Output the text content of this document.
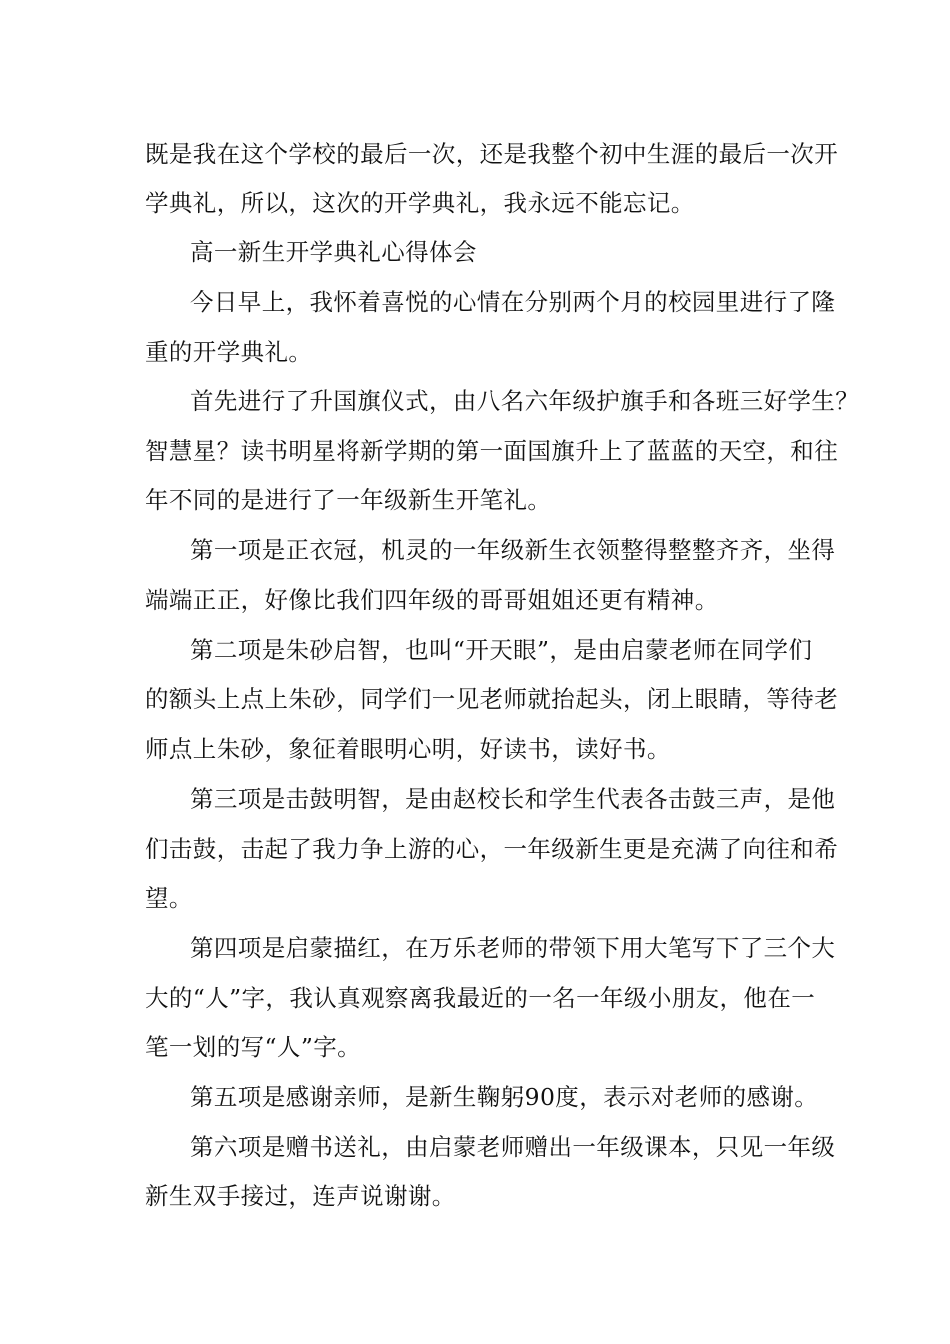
既是我在这个学校的最后一次，还是我整个初中生涯的最后一次开
学典礼，所以，这次的开学典礼，我永远不能忘记。
高一新生开学典礼心得体会
今日早上，我怀着喜悦的心情在分别两个月的校园里进行了隆
重的开学典礼。
首先进行了升国旗仪式，由八名六年级护旗手和各班三好学生？
智慧星？读书明星将新学期的第一面国旗升上了蓝蓝的天空，和往
年不同的是进行了一年级新生开笔礼。
第一项是正衣冠，机灵的一年级新生衣领整得整整齐齐，坐得
端端正正，好像比我们四年级的哥哥姐姐还更有精神。
第二项是朱砂启智，也叫“开天眼”，是由启蒙老师在同学们
的额头上点上朱砂，同学们一见老师就抬起头，闭上眼睛，等待老
师点上朱砂，象征着眼明心明，好读书，读好书。
第三项是击鼓明智，是由赵校长和学生代表各击鼓三声，是他
们击鼓，击起了我力争上游的心，一年级新生更是充满了向往和希
望。
第四项是启蒙描红，在万乐老师的带领下用大笔写下了三个大
大的“人”字，我认真观察离我最近的一名一年级小朋友，他在一
笔一划的写“人”字。
第五项是感谢亲师，是新生鞠躬90度，表示对老师的感谢。
第六项是赠书送礼，由启蒙老师赠出一年级课本，只见一年级
新生双手接过，连声说谢谢。
